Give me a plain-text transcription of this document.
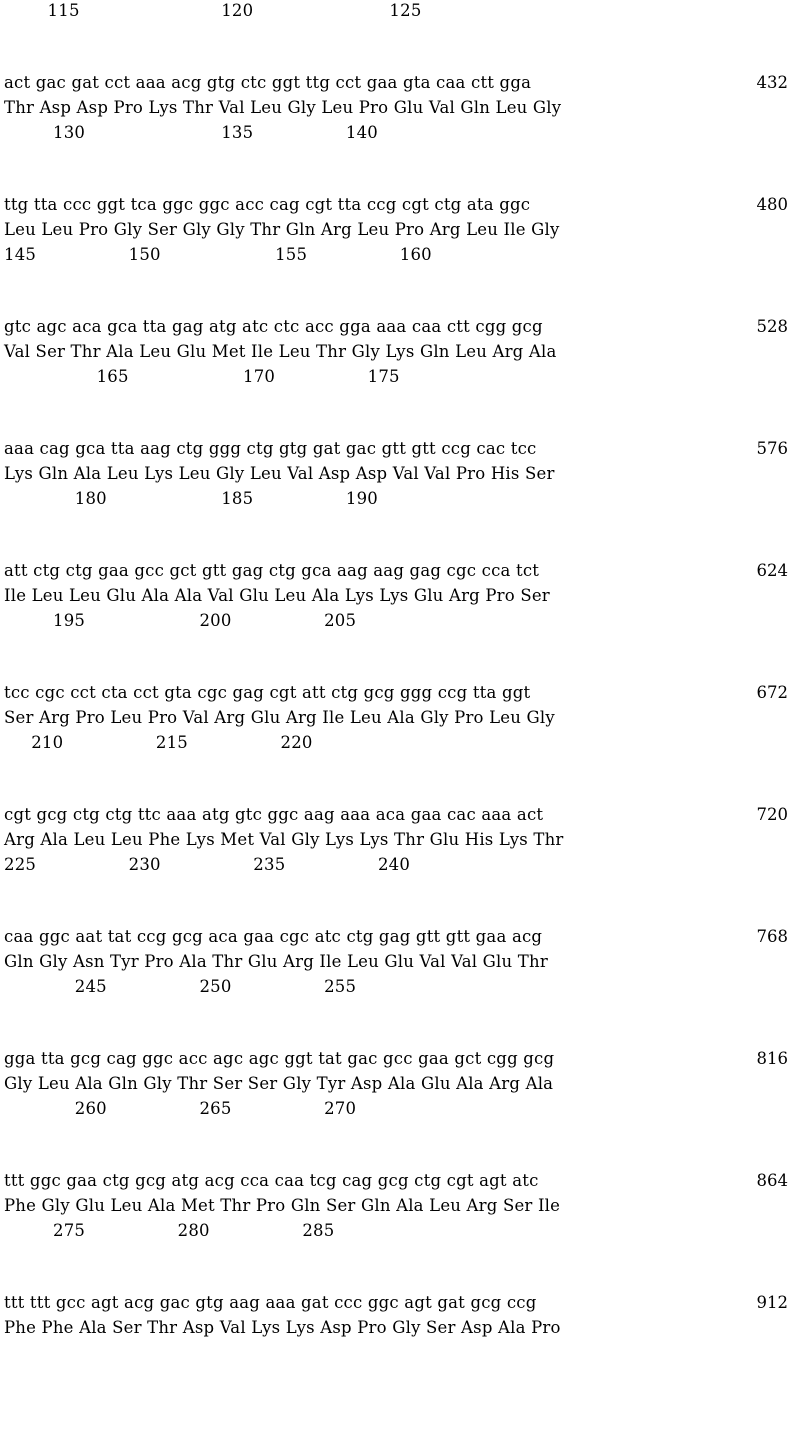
115                          120                         125
act gac gat cct aaa acg gtg ctc ggt ttg cct gaa gta caa ctt gga	432
Thr Asp Asp Pro Lys Thr Val Leu Gly Leu Pro Glu Val Gln Leu Gly
130                         135                 140
ttg tta ccc ggt tca ggc ggc acc cag cgt tta ccg cgt ctg ata ggc	480
Leu Leu Pro Gly Ser Gly Gly Thr Gln Arg Leu Pro Arg Leu Ile Gly
145                 150                     155                 160
gtc agc aca gca tta gag atg atc ctc acc gga aaa caa ctt cgg gcg	528
Val Ser Thr Ala Leu Glu Met Ile Leu Thr Gly Lys Gln Leu Arg Ala
165                     170                 175
aaa cag gca tta aag ctg ggg ctg gtg gat gac gtt gtt ccg cac tcc	576
Lys Gln Ala Leu Lys Leu Gly Leu Val Asp Asp Val Val Pro His Ser
180                     185                 190
att ctg ctg gaa gcc gct gtt gag ctg gca aag aag gag cgc cca tct	624
Ile Leu Leu Glu Ala Ala Val Glu Leu Ala Lys Lys Glu Arg Pro Ser
195                     200                 205
tcc cgc cct cta cct gta cgc gag cgt att ctg gcg ggg ccg tta ggt	672
Ser Arg Pro Leu Pro Val Arg Glu Arg Ile Leu Ala Gly Pro Leu Gly
210                 215                 220
cgt gcg ctg ctg ttc aaa atg gtc ggc aag aaa aca gaa cac aaa act	720
Arg Ala Leu Leu Phe Lys Met Val Gly Lys Lys Thr Glu His Lys Thr
225                 230                 235                 240
caa ggc aat tat ccg gcg aca gaa cgc atc ctg gag gtt gtt gaa acg	768
Gln Gly Asn Tyr Pro Ala Thr Glu Arg Ile Leu Glu Val Val Glu Thr
245                 250                 255
gga tta gcg cag ggc acc agc agc ggt tat gac gcc gaa gct cgg gcg	816
Gly Leu Ala Gln Gly Thr Ser Ser Gly Tyr Asp Ala Glu Ala Arg Ala
260                 265                 270
ttt ggc gaa ctg gcg atg acg cca caa tcg cag gcg ctg cgt agt atc	864
Phe Gly Glu Leu Ala Met Thr Pro Gln Ser Gln Ala Leu Arg Ser Ile
275                 280                 285
ttt ttt gcc agt acg gac gtg aag aaa gat ccc ggc agt gat gcg ccg	912
Phe Phe Ala Ser Thr Asp Val Lys Lys Asp Pro Gly Ser Asp Ala Pro
